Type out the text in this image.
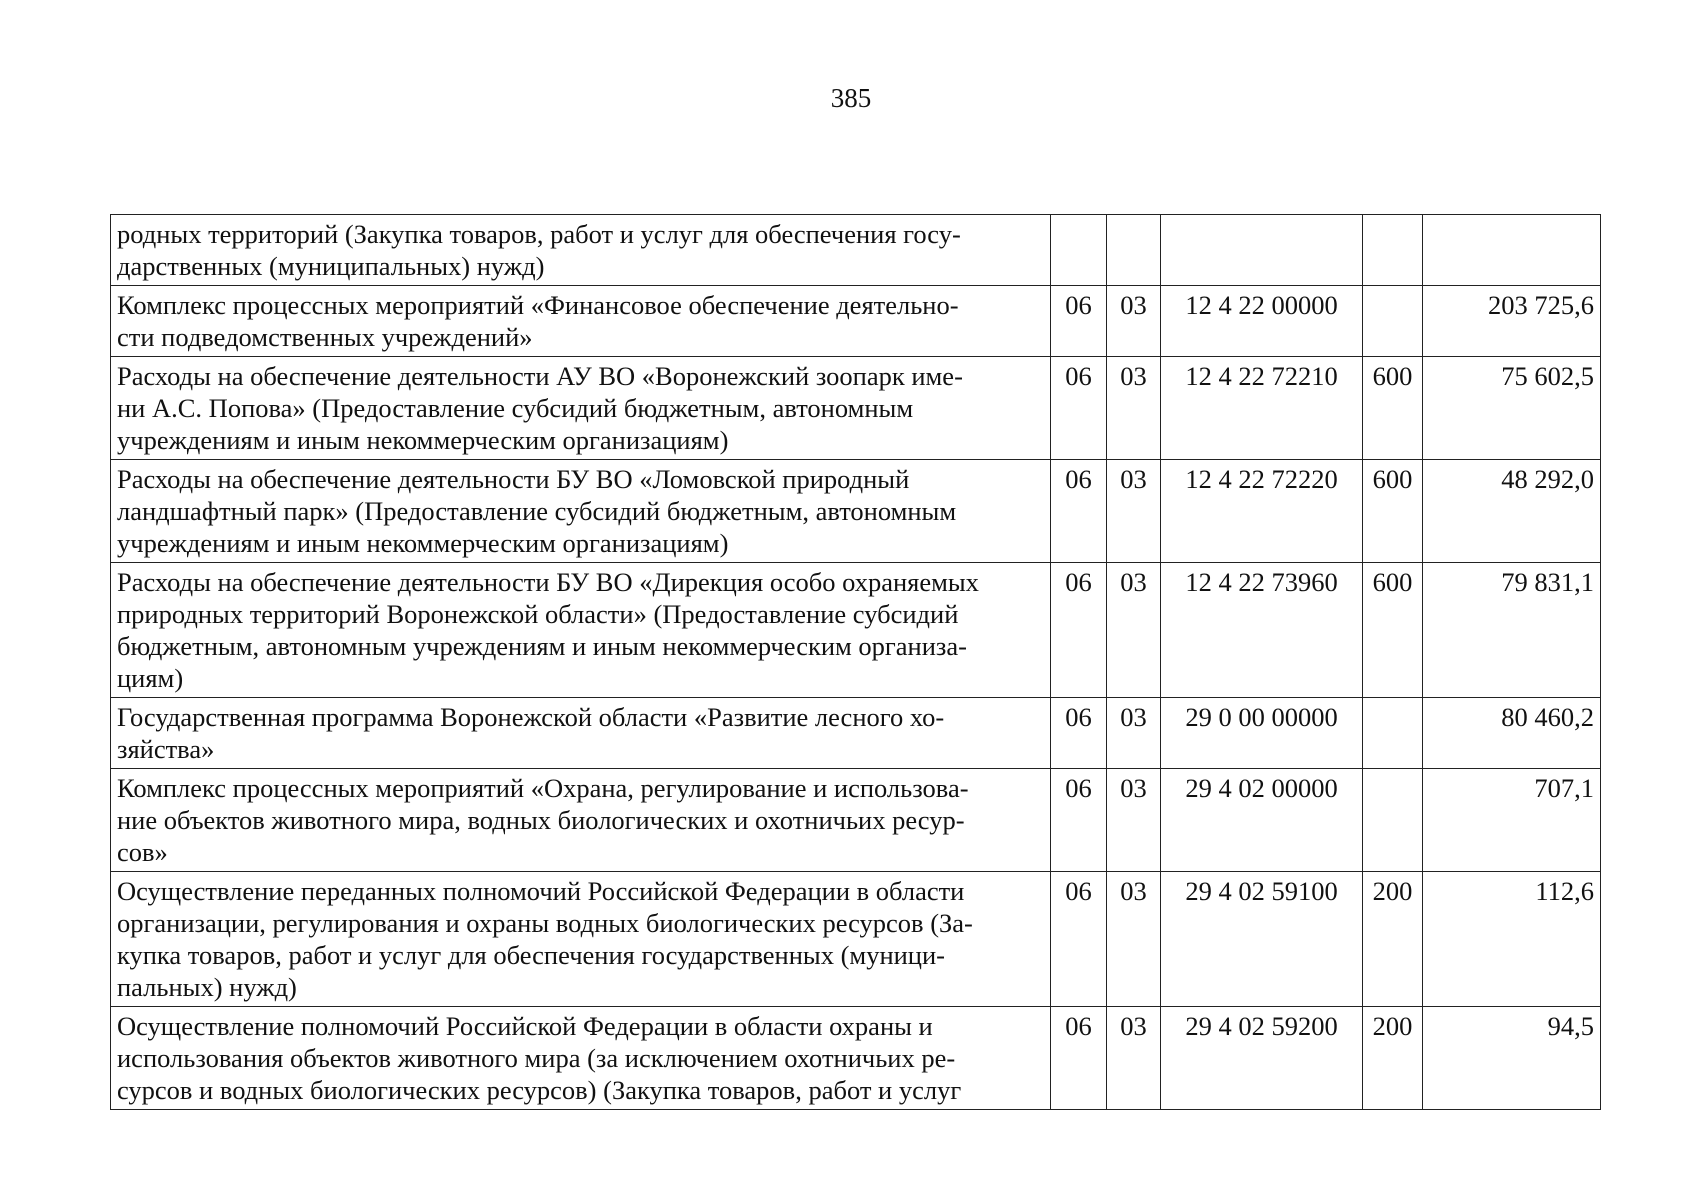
385
родных территорий (Закупка товаров, работ и услуг для обеспечения госу-
дарственных (муниципальных) нужд)					

Комплекс процессных мероприятий «Финансовое обеспечение деятельно-
сти подведомственных учреждений»	06	03	12 4 22 00000		203 725,6

Расходы на обеспечение деятельности АУ ВО «Воронежский зоопарк име-
ни А.С. Попова» (Предоставление субсидий бюджетным, автономным
учреждениям и иным некоммерческим организациям)	06	03	12 4 22 72210	600	75 602,5

Расходы на обеспечение деятельности БУ ВО «Ломовской природный
ландшафтный парк» (Предоставление субсидий бюджетным, автономным
учреждениям и иным некоммерческим организациям)	06	03	12 4 22 72220	600	48 292,0

Расходы на обеспечение деятельности БУ ВО «Дирекция особо охраняемых
природных территорий Воронежской области» (Предоставление субсидий
бюджетным, автономным учреждениям и иным некоммерческим организа-
циям)	06	03	12 4 22 73960	600	79 831,1

Государственная программа Воронежской области «Развитие лесного хо-
зяйства»	06	03	29 0 00 00000		80 460,2

Комплекс процессных мероприятий «Охрана, регулирование и использова-
ние объектов животного мира, водных биологических и охотничьих ресур-
сов»	06	03	29 4 02 00000		707,1

Осуществление переданных полномочий Российской Федерации в области
организации, регулирования и охраны водных биологических ресурсов (За-
купка товаров, работ и услуг для обеспечения государственных (муници-
пальных) нужд)	06	03	29 4 02 59100	200	112,6

Осуществление полномочий Российской Федерации в области охраны и
использования объектов животного мира (за исключением охотничьих ре-
сурсов и водных биологических ресурсов) (Закупка товаров, работ и услуг	06	03	29 4 02 59200	200	94,5
